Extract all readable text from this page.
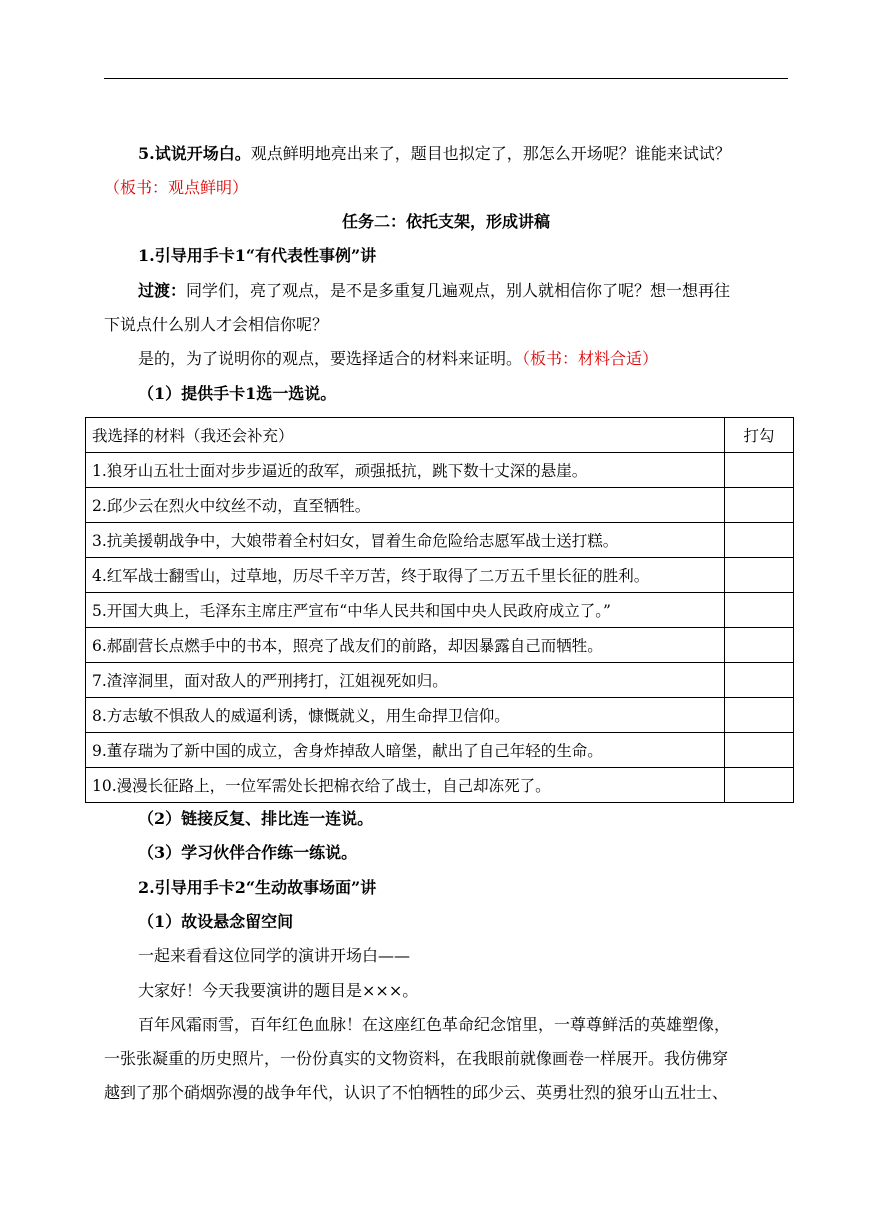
5.试说开场白。观点鲜明地亮出来了，题目也拟定了，那怎么开场呢？谁能来试试？
（板书：观点鲜明）
任务二：依托支架，形成讲稿
1.引导用手卡1“有代表性事例”讲
过渡：同学们，亮了观点，是不是多重复几遍观点，别人就相信你了呢？想一想再往
下说点什么别人才会相信你呢？
是的，为了说明你的观点，要选择适合的材料来证明。（板书：材料合适）
（1）提供手卡1选一选说。
我选择的材料（我还会补充）	打勾
1.狼牙山五壮士面对步步逼近的敌军，顽强抵抗，跳下数十丈深的悬崖。	
2.邱少云在烈火中纹丝不动，直至牺牲。	
3.抗美援朝战争中，大娘带着全村妇女，冒着生命危险给志愿军战士送打糕。	
4.红军战士翻雪山，过草地，历尽千辛万苦，终于取得了二万五千里长征的胜利。	
5.开国大典上，毛泽东主席庄严宣布“中华人民共和国中央人民政府成立了。”	
6.郝副营长点燃手中的书本，照亮了战友们的前路，却因暴露自己而牺牲。	
7.渣滓洞里，面对敌人的严刑拷打，江姐视死如归。	
8.方志敏不惧敌人的威逼利诱，慷慨就义，用生命捍卫信仰。	
9.董存瑞为了新中国的成立，舍身炸掉敌人暗堡，献出了自己年轻的生命。	
10.漫漫长征路上，一位军需处长把棉衣给了战士，自己却冻死了。	
（2）链接反复、排比连一连说。
（3）学习伙伴合作练一练说。
2.引导用手卡2“生动故事场面”讲
（1）故设悬念留空间
一起来看看这位同学的演讲开场白——
大家好！今天我要演讲的题目是×××。
百年风霜雨雪，百年红色血脉！在这座红色革命纪念馆里，一尊尊鲜活的英雄塑像，
一张张凝重的历史照片，一份份真实的文物资料，在我眼前就像画卷一样展开。我仿佛穿
越到了那个硝烟弥漫的战争年代，认识了不怕牺牲的邱少云、英勇壮烈的狼牙山五壮士、
